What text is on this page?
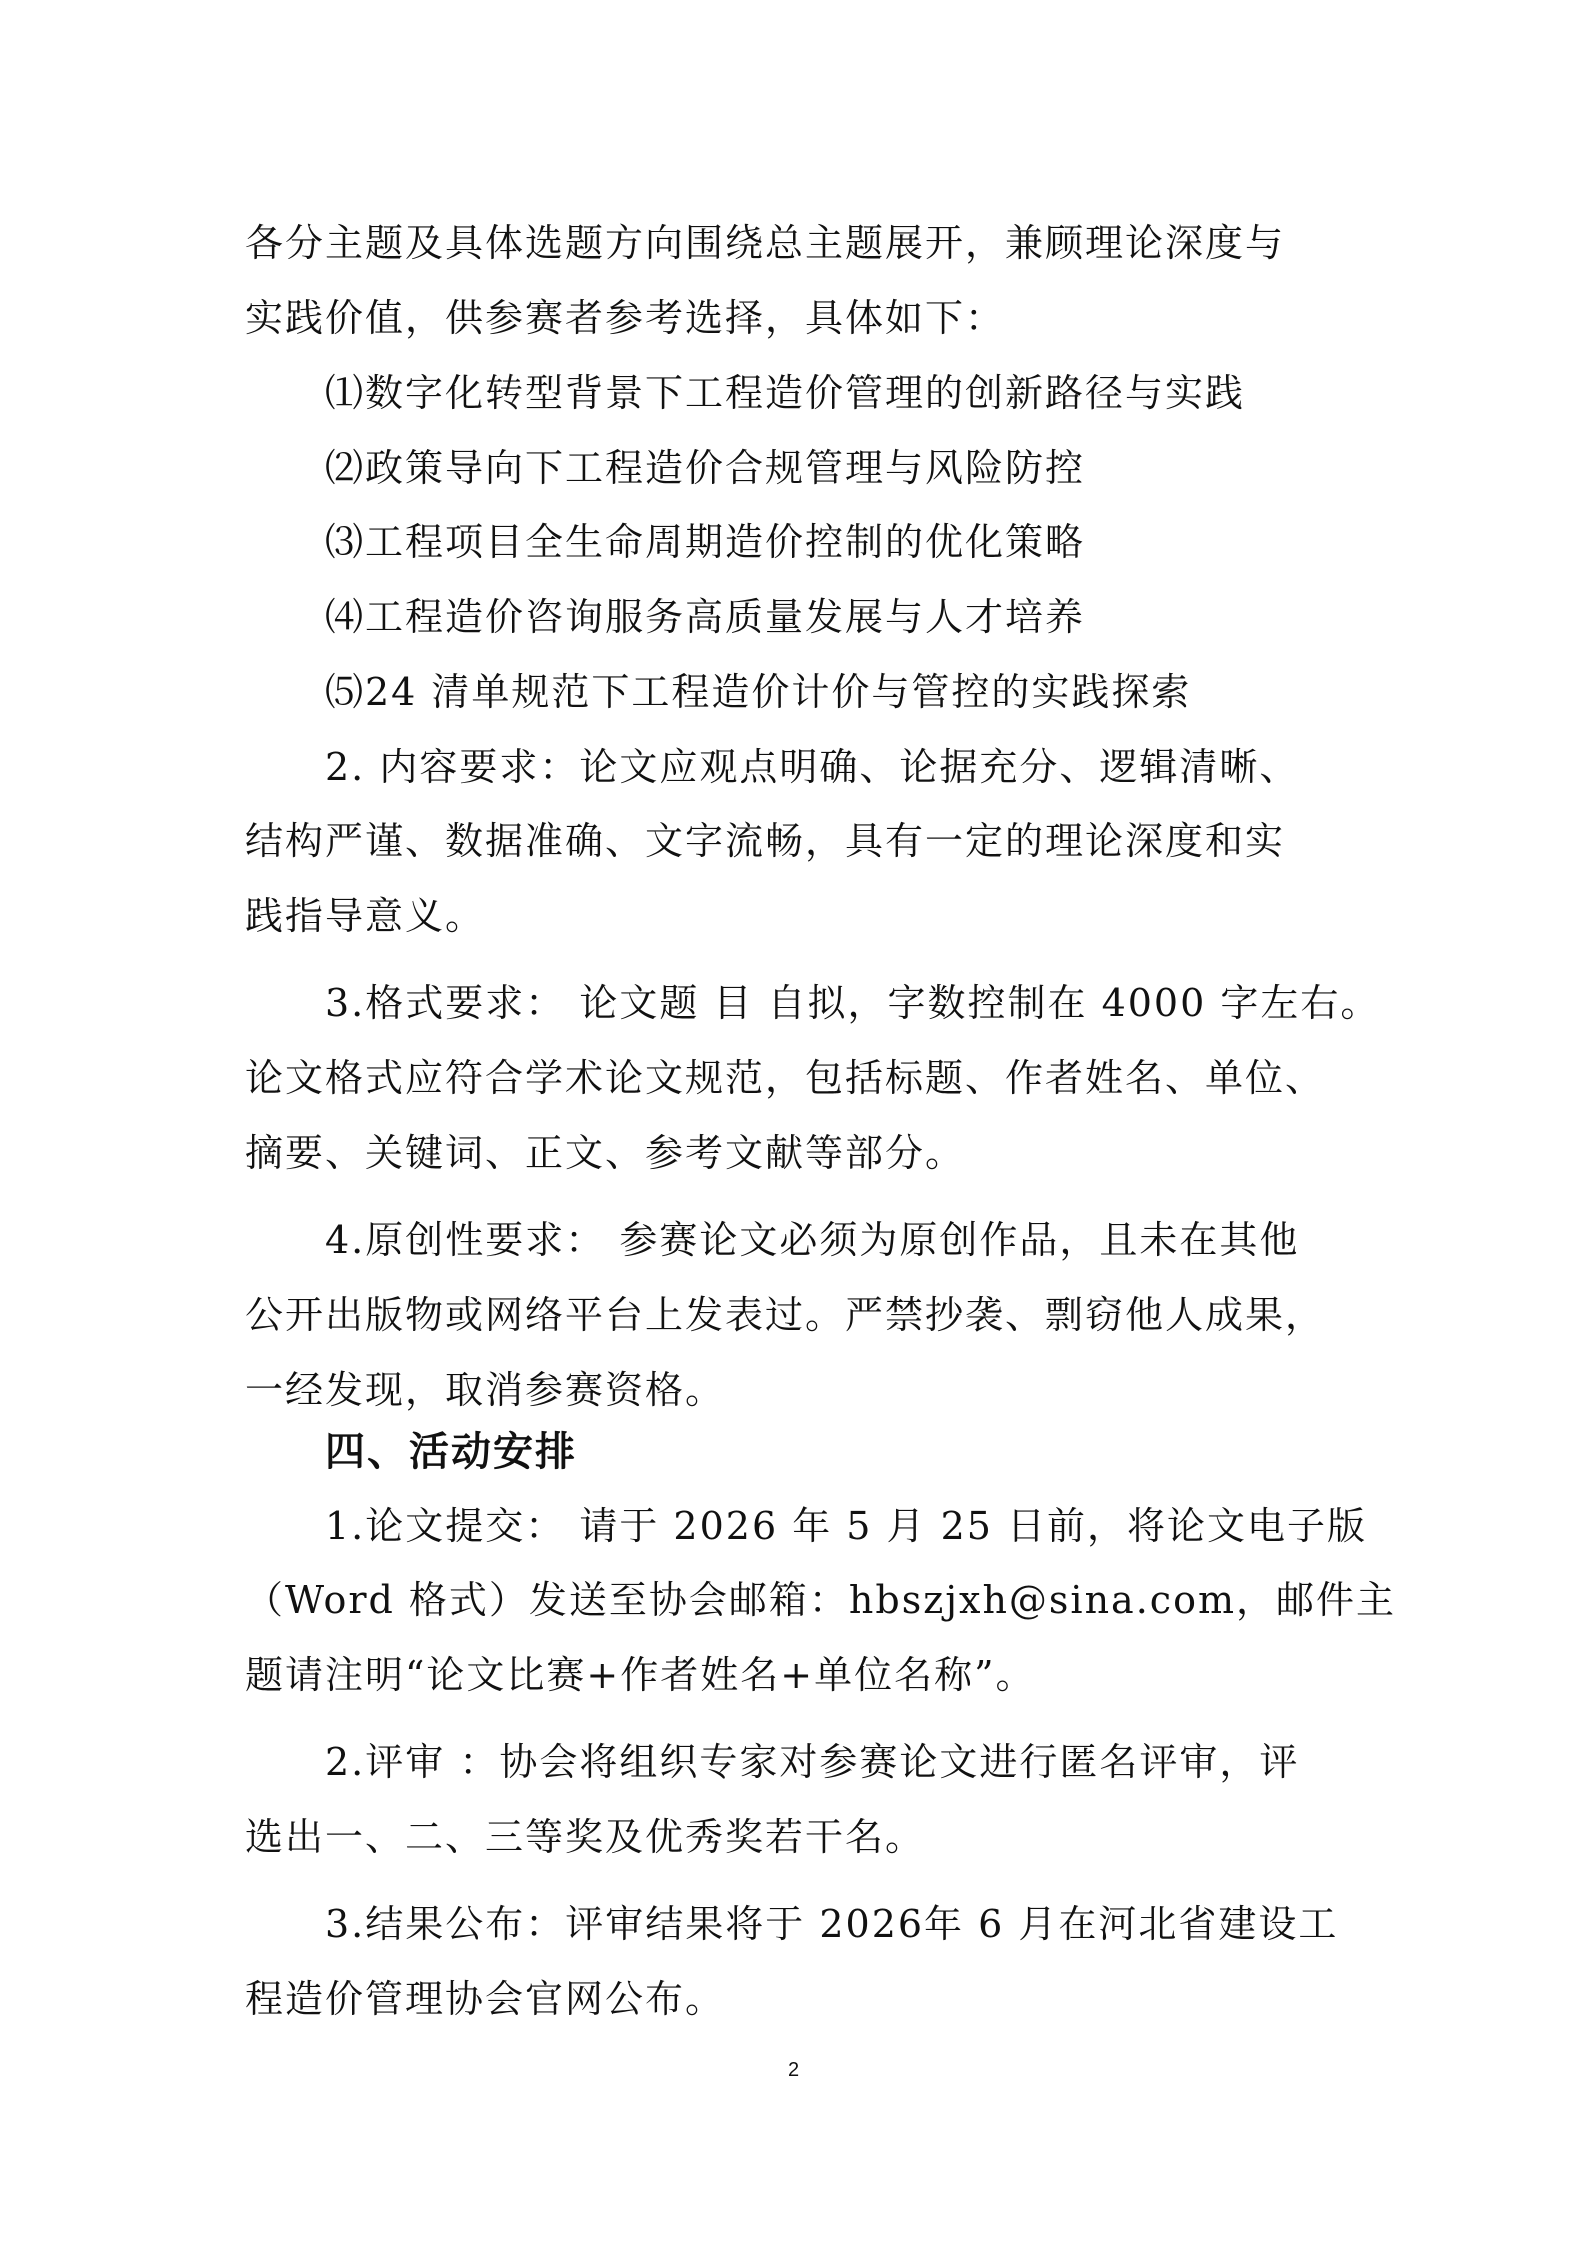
各分主题及具体选题方向围绕总主题展开，兼顾理论深度与
实践价值，供参赛者参考选择，具体如下：
⑴数字化转型背景下工程造价管理的创新路径与实践
⑵政策导向下工程造价合规管理与风险防控
⑶工程项目全生命周期造价控制的优化策略
⑷工程造价咨询服务高质量发展与人才培养
⑸24 清单规范下工程造价计价与管控的实践探索
2. 内容要求：论文应观点明确、论据充分、逻辑清晰、
结构严谨、数据准确、文字流畅，具有一定的理论深度和实
践指导意义。
3.格式要求： 论文题 目 自拟，字数控制在 4000 字左右。
论文格式应符合学术论文规范，包括标题、作者姓名、单位、
摘要、关键词、正文、参考文献等部分。
4.原创性要求： 参赛论文必须为原创作品，且未在其他
公开出版物或网络平台上发表过。严禁抄袭、剽窃他人成果，
一经发现，取消参赛资格。
四、活动安排
1.论文提交： 请于 2026 年 5 月 25 日前，将论文电子版
（Word 格式）发送至协会邮箱：hbszjxh@sina.com，邮件主
题请注明“论文比赛+作者姓名+单位名称”。
2.评审 ：协会将组织专家对参赛论文进行匿名评审，评
选出一、二、三等奖及优秀奖若干名。
3.结果公布：评审结果将于 2026年 6 月在河北省建设工
程造价管理协会官网公布。
2
